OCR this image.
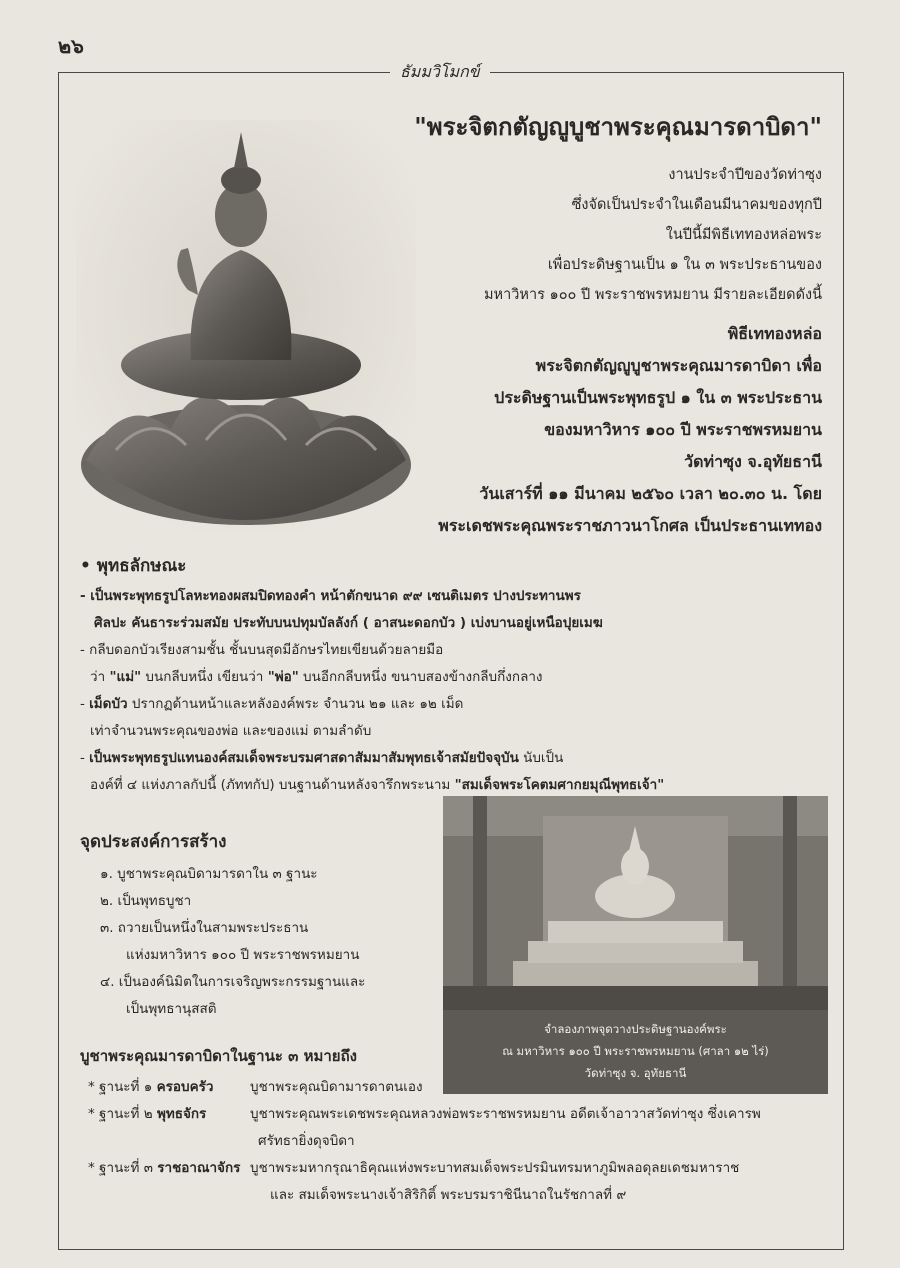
๒๖
ธัมมวิโมกข์
"พระจิตกตัญญูบูชาพระคุณมารดาบิดา"
งานประจำปีของวัดท่าซุง
ซึ่งจัดเป็นประจำในเดือนมีนาคมของทุกปี
ในปีนี้มีพิธีเททองหล่อพระ
เพื่อประดิษฐานเป็น ๑ ใน ๓ พระประธานของ
มหาวิหาร ๑๐๐ ปี พระราชพรหมยาน มีรายละเอียดดังนี้
พิธีเททองหล่อ
พระจิตกตัญญูบูชาพระคุณมารดาบิดา เพื่อ
ประดิษฐานเป็นพระพุทธรูป ๑ ใน ๓ พระประธาน
ของมหาวิหาร ๑๐๐ ปี พระราชพรหมยาน
วัดท่าซุง จ.อุทัยธานี
วันเสาร์ที่ ๑๑ มีนาคม ๒๕๖๐ เวลา ๒๐.๓๐ น. โดย
พระเดชพระคุณพระราชภาวนาโกศล เป็นประธานเททอง
• พุทธลักษณะ
- เป็นพระพุทธรูปโลหะทองผสมปิดทองคำ หน้าตักขนาด ๙๙ เซนติเมตร ปางประทานพร
ศิลปะ คันธาระร่วมสมัย ประทับบนปทุมบัลลังก์ ( อาสนะดอกบัว ) เบ่งบานอยู่เหนือปุยเมฆ
- กลีบดอกบัวเรียงสามชั้น ชั้นบนสุดมีอักษรไทยเขียนด้วยลายมือ
ว่า "แม่" บนกลีบหนึ่ง เขียนว่า "พ่อ" บนอีกกลีบหนึ่ง ขนาบสองข้างกลีบกึ่งกลาง
- เม็ดบัว ปรากฏด้านหน้าและหลังองค์พระ จำนวน ๒๑ และ ๑๒ เม็ด
เท่าจำนวนพระคุณของพ่อ และของแม่ ตามลำดับ
- เป็นพระพุทธรูปแทนองค์สมเด็จพระบรมศาสดาสัมมาสัมพุทธเจ้าสมัยปัจจุบัน นับเป็น
องค์ที่ ๔ แห่งภาลกัปนี้ (ภัททกัป) บนฐานด้านหลังจารึกพระนาม "สมเด็จพระโคตมศากยมุณีพุทธเจ้า"
จุดประสงค์การสร้าง
๑. บูชาพระคุณบิดามารดาใน ๓ ฐานะ
๒. เป็นพุทธบูชา
๓. ถวายเป็นหนึ่งในสามพระประธาน
แห่งมหาวิหาร ๑๐๐ ปี พระราชพรหมยาน
๔. เป็นองค์นิมิตในการเจริญพระกรรมฐานและ
เป็นพุทธานุสสติ
จำลองภาพจุดวางประดิษฐานองค์พระ
ณ มหาวิหาร ๑๐๐ ปี พระราชพรหมยาน (ศาลา ๑๒ ไร่)
วัดท่าซุง จ. อุทัยธานี
บูชาพระคุณมารดาบิดาในฐานะ ๓ หมายถึง
* ฐานะที่ ๑ ครอบครัว	บูชาพระคุณบิดามารดาตนเอง
* ฐานะที่ ๒ พุทธจักร	บูชาพระคุณพระเดชพระคุณหลวงพ่อพระราชพรหมยาน อดีตเจ้าอาวาสวัดท่าซุง ซึ่งเคารพ
ศรัทธายิ่งดุจบิดา
* ฐานะที่ ๓ ราชอาณาจักร บูชาพระมหากรุณาธิคุณแห่งพระบาทสมเด็จพระปรมินทรมหาภูมิพลอดุลยเดชมหาราช
และ สมเด็จพระนางเจ้าสิริกิติ์ พระบรมราชินีนาถในรัชกาลที่ ๙
